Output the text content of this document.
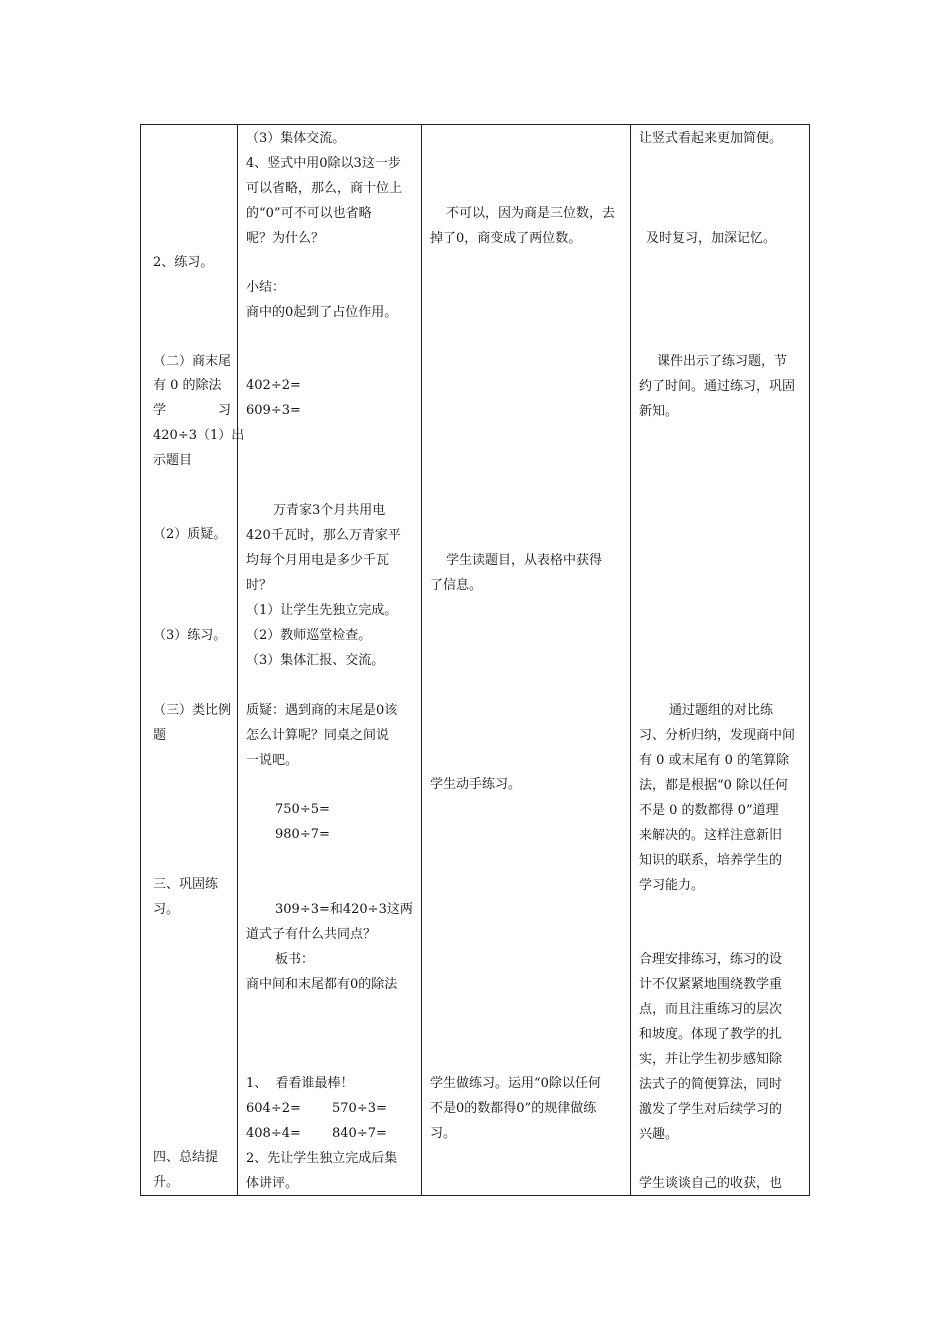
2、练习。
（二）商末尾
有 0 的除法
学	习
420÷3（1）出
示题目
（2）质疑。
（3）练习。
（三）类比例
题
三、巩固练
习。
四、总结提
升。
（3）集体交流。
4、竖式中用0除以3这一步
可以省略，那么，商十位上
的“0”可不可以也省略
呢？为什么？
小结：
商中的0起到了占位作用。
402÷2=
609÷3=
万青家3个月共用电
420千瓦时，那么万青家平
均每个月用电是多少千瓦
时？
（1）让学生先独立完成。
（2）教师巡堂检查。
（3）集体汇报、交流。
质疑：遇到商的末尾是0该
怎么计算呢？同桌之间说
一说吧。
750÷5=
980÷7=
309÷3=和420÷3这两
道式子有什么共同点？
板书：
商中间和末尾都有0的除法
1、  看看谁最棒！
604÷2= 570÷3=
408÷4= 840÷7=
2、先让学生独立完成后集
体讲评。
不可以，因为商是三位数，去
掉了0，商变成了两位数。
学生读题目，从表格中获得
了信息。
学生动手练习。
学生做练习。运用“0除以任何
不是0的数都得0”的规律做练
习。
让竖式看起来更加简便。
及时复习，加深记忆。
课件出示了练习题，节
约了时间。通过练习，巩固
新知。
通过题组的对比练
习、分析归纳，发现商中间
有 0 或末尾有 0 的笔算除
法，都是根据“0 除以任何
不是 0 的数都得 0”道理
来解决的。这样注意新旧
知识的联系，培养学生的
学习能力。
合理安排练习，练习的设
计不仅紧紧地围绕教学重
点，而且注重练习的层次
和坡度。体现了教学的扎
实，并让学生初步感知除
法式子的简便算法，同时
激发了学生对后续学习的
兴趣。
学生谈谈自己的收获，也
